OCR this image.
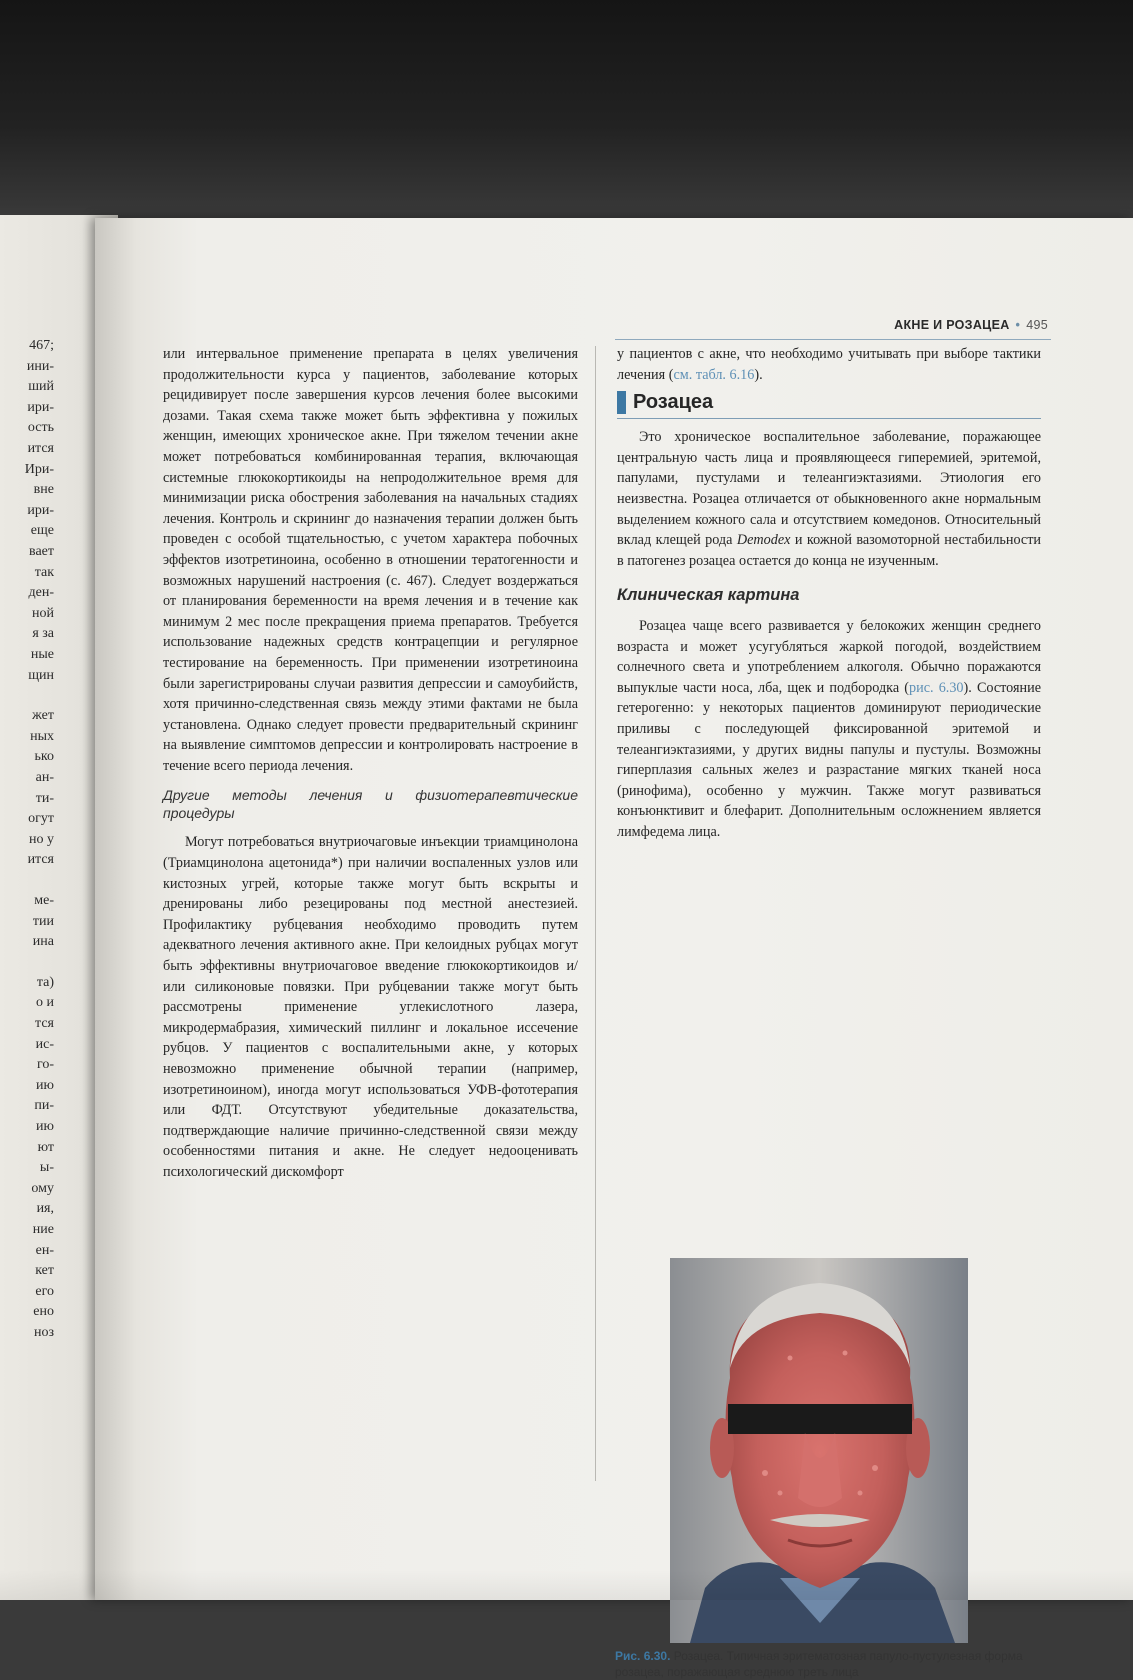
467;
ини-
ший
ири-
ость
ится
Ири-
вне
ири-
еще
вает
так
ден-
ной
я за
ные
щин
жет
ных
ько
ан-
ти-
огут
но у
ится
ме-
тии
ина
та)
о и
тся
ис-
го-
ию
пи-
ию
ют
ы-
ому
ия,
ние
ен-
кет
его
ено
ноз
АКНЕ И РОЗАЦЕА • 495

или интервальное применение препарата в целях увеличения продолжительности курса у пациентов, заболевание которых рецидивирует после завершения курсов лечения более высокими дозами. Такая схема также может быть эффективна у пожилых женщин, имеющих хроническое акне. При тяжелом течении акне может потребоваться комбинированная терапия, включающая системные глюкокортикоиды на непродолжительное время для минимизации риска обострения заболевания на начальных стадиях лечения. Контроль и скрининг до назначения терапии должен быть проведен с особой тщательностью, с учетом характера побочных эффектов изотретиноина, особенно в отношении тератогенности и возможных нарушений настроения (с. 467). Следует воздержаться от планирования беременности на время лечения и в течение как минимум 2 мес после прекращения приема препаратов. Требуется использование надежных средств контрацепции и регулярное тестирование на беременность. При применении изотретиноина были зарегистрированы случаи развития депрессии и самоубийств, хотя причинно-следственная связь между этими фактами не была установлена. Однако следует провести предварительный скрининг на выявление симптомов депрессии и контролировать настроение в течение всего периода лечения.

Другие методы лечения и физиотерапевтические процедуры

Могут потребоваться внутриочаговые инъекции триамцинолона (Триамцинолона ацетонида*) при наличии воспаленных узлов или кистозных угрей, которые также могут быть вскрыты и дренированы либо резецированы под местной анестезией. Профилактику рубцевания необходимо проводить путем адекватного лечения активного акне. При келоидных рубцах могут быть эффективны внутриочаговое введение глюкокортикоидов и/или силиконовые повязки. При рубцевании также могут быть рассмотрены применение углекислотного лазера, микродермабразия, химический пиллинг и локальное иссечение рубцов. У пациентов с воспалительными акне, у которых невозможно применение обычной терапии (например, изотретиноином), иногда могут использоваться УФВ-фототерапия или ФДТ. Отсутствуют убедительные доказательства, подтверждающие наличие причинно-следственной связи между особенностями питания и акне. Не следует недооценивать психологический дискомфорт

у пациентов с акне, что необходимо учитывать при выборе тактики лечения (см. табл. 6.16).

Розацеа

Это хроническое воспалительное заболевание, поражающее центральную часть лица и проявляющееся гиперемией, эритемой, папулами, пустулами и телеангиэктазиями. Этиология его неизвестна. Розацеа отличается от обыкновенного акне нормальным выделением кожного сала и отсутствием комедонов. Относительный вклад клещей рода Demodex и кожной вазомоторной нестабильности в патогенез розацеа остается до конца не изученным.

Клиническая картина

Розацеа чаще всего развивается у белокожих женщин среднего возраста и может усугубляться жаркой погодой, воздействием солнечного света и употреблением алкоголя. Обычно поражаются выпуклые части носа, лба, щек и подбородка (рис. 6.30). Состояние гетерогенно: у некоторых пациентов доминируют периодические приливы с последующей фиксированной эритемой и телеангиэктазиями, у других видны папулы и пустулы. Возможны гиперплазия сальных желез и разрастание мягких тканей носа (ринофима), особенно у мужчин. Также могут развиваться конъюнктивит и блефарит. Дополнительным осложнением является лимфедема лица.

Рис. 6.30. Розацеа. Типичная эритематозная папуло-пустулезная форма розацеа, поражающая среднюю треть лица
